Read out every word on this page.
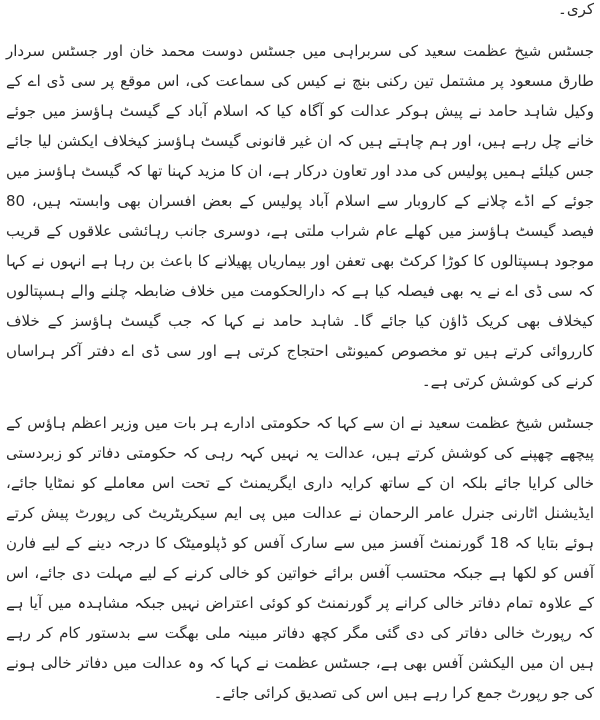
کری۔

جسٹس شیخ عظمت سعید کی سربراہی میں جسٹس دوست محمد خان اور جسٹس سردار طارق مسعود پر مشتمل تین رکنی بنچ نے کیس کی سماعت کی، اس موقع پر سی ڈی اے کے وکیل شاہد حامد نے پیش ہوکر عدالت کو آگاہ کیا کہ اسلام آباد کے گیسٹ ہاؤسز میں جوئے خانے چل رہے ہیں، اور ہم چاہتے ہیں کہ ان غیر قانونی گیسٹ ہاؤسز کیخلاف ایکشن لیا جائے جس کیلئے ہمیں پولیس کی مدد اور تعاون درکار ہے، ان کا مزید کہنا تھا کہ گیسٹ ہاؤسز میں جوئے کے اڈے چلانے کے کاروبار سے اسلام آباد پولیس کے بعض افسران بھی وابستہ ہیں، 80 فیصد گیسٹ ہاؤسز میں کھلے عام شراب ملتی ہے، دوسری جانب رہائشی علاقوں کے قریب موجود ہسپتالوں کا کوڑا کرکٹ بھی تعفن اور بیماریاں پھیلانے کا باعث بن رہا ہے انہوں نے کہا کہ سی ڈی اے نے یہ بھی فیصلہ کیا ہے کہ دارالحکومت میں خلاف ضابطہ چلنے والے ہسپتالوں کیخلاف بھی کریک ڈاؤن کیا جائے گا۔ شاہد حامد نے کہا کہ جب گیسٹ ہاؤسز کے خلاف کارروائی کرتے ہیں تو مخصوص کمیونٹی احتجاج کرتی ہے اور سی ڈی اے دفتر آکر ہراساں کرنے کی کوشش کرتی ہے۔

جسٹس شیخ عظمت سعید نے ان سے کہا کہ حکومتی ادارے ہر بات میں وزیر اعظم ہاؤس کے پیچھے چھپنے کی کوشش کرتے ہیں، عدالت یہ نہیں کہہ رہی کہ حکومتی دفاتر کو زبردستی خالی کرایا جائے بلکہ ان کے ساتھ کرایہ داری ایگریمنٹ کے تحت اس معاملے کو نمٹایا جائے، ایڈیشنل اٹارنی جنرل عامر الرحمان نے عدالت میں پی ایم سیکریٹریٹ کی رپورٹ پیش کرتے ہوئے بتایا کہ 18 گورنمنٹ آفسز میں سے سارک آفس کو ڈپلومیٹک کا درجہ دینے کے لیے فارن آفس کو لکھا ہے جبکہ محتسب آفس برائے خواتین کو خالی کرنے کے لیے مہلت دی جائے، اس کے علاوہ تمام دفاتر خالی کرانے پر گورنمنٹ کو کوئی اعتراض نہیں جبکہ مشاہدہ میں آیا ہے کہ رپورٹ خالی دفاتر کی دی گئی مگر کچھ دفاتر مبینہ ملی بھگت سے بدستور کام کر رہے ہیں ان میں الیکشن آفس بھی ہے، جسٹس عظمت نے کہا کہ وہ عدالت میں دفاتر خالی ہونے کی جو رپورٹ جمع کرا رہے ہیں اس کی تصدیق کرائی جائے۔
